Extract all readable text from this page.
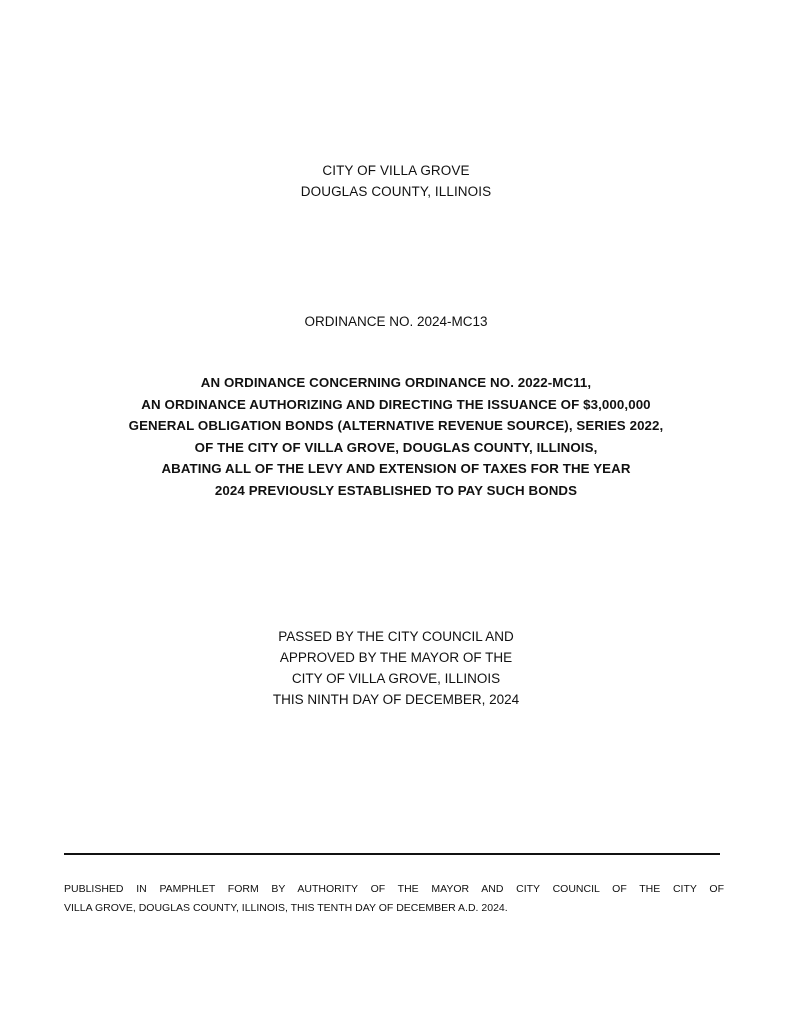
CITY OF VILLA GROVE
DOUGLAS COUNTY, ILLINOIS
ORDINANCE NO. 2024-MC13
AN ORDINANCE CONCERNING ORDINANCE NO. 2022-MC11,
AN ORDINANCE AUTHORIZING AND DIRECTING THE ISSUANCE OF $3,000,000
GENERAL OBLIGATION BONDS (ALTERNATIVE REVENUE SOURCE), SERIES 2022,
OF THE CITY OF VILLA GROVE, DOUGLAS COUNTY, ILLINOIS,
ABATING ALL OF THE LEVY AND EXTENSION OF TAXES FOR THE YEAR
2024 PREVIOUSLY ESTABLISHED TO PAY SUCH BONDS
PASSED BY THE CITY COUNCIL AND
APPROVED BY THE MAYOR OF THE
CITY OF VILLA GROVE, ILLINOIS
THIS NINTH DAY OF DECEMBER, 2024
PUBLISHED IN PAMPHLET FORM BY AUTHORITY OF THE MAYOR AND CITY COUNCIL OF THE CITY OF
VILLA GROVE, DOUGLAS COUNTY, ILLINOIS, THIS TENTH DAY OF DECEMBER A.D. 2024.
